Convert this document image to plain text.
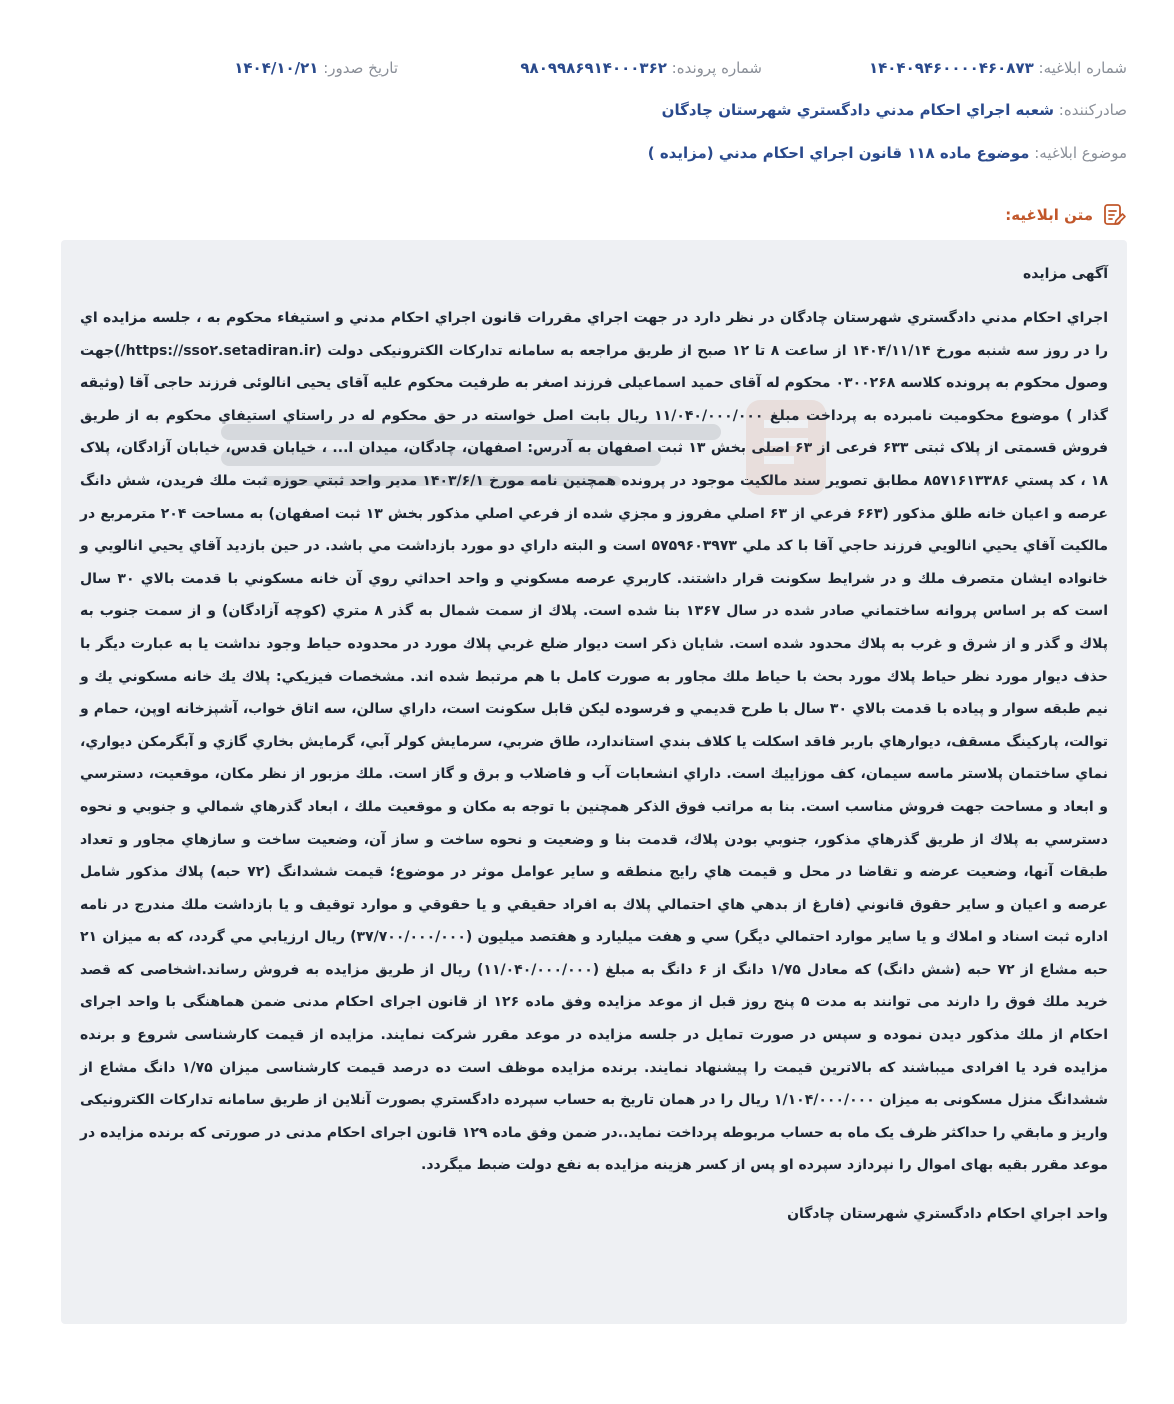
شماره ابلاغيه: ۱۴۰۴۰۹۴۶۰۰۰۰۴۶۰۸۷۳
شماره پرونده: ۹۸۰۹۹۸۶۹۱۴۰۰۰۳۶۲
تاريخ صدور: ۱۴۰۴/۱۰/۲۱
صادرکننده: شعبه اجراي احكام مدني دادگستري شهرستان چادگان
موضوع ابلاغيه: موضوع ماده ۱۱۸ قانون اجراي احكام مدني (مزايده )
متن ابلاغيه:
آگهی مزایده

اجراي احكام مدني دادگستري شهرستان چادگان در نظر دارد در جهت اجراي مقررات قانون اجراي احكام مدني و استيفاء محكوم به ، جلسه مزايده اي را در روز سه شنبه مورخ ۱۴۰۴/۱۱/۱۴ از ساعت ۸ تا ۱۲ صبح از طريق مراجعه به سامانه تدارکات الکترونیکی دولت (https://sso۲.setadiran.ir/)جهت وصول محكوم به پرونده کلاسه ۰۳۰۰۲۶۸ محكوم له آقای حمید اسماعیلی فرزند اصغر به طرفیت محكوم عليه آقای یحیی انالوئی فرزند حاجی آقا (وثيقه گذار ) موضوع محكوميت نامبرده به پرداخت مبلغ ۱۱/۰۴۰/۰۰۰/۰۰۰ ريال بابت اصل خواسته در حق محكوم له در راستاي استيفاي محكوم به از طريق فروش قسمتی از پلاک ثبتی ۶۳۳ فرعی از ۶۳ اصلی بخش ۱۳ ثبت اصفهان به آدرس: اصفهان، چادگان، میدان ا... ، خیابان قدس، خیابان آزادگان، پلاک ۱۸ ، کد پستي ۸۵۷۱۶۱۳۳۸۶ مطابق تصوير سند مالكيت موجود در پرونده همچنين نامه مورخ ۱۴۰۳/۶/۱ مدير واحد ثبتي حوزه ثبت ملك فريدن، شش دانگ عرصه و اعيان خانه طلق مذكور (۶۶۳ فرعي از ۶۳ اصلي مفروز و مجزي شده از فرعي اصلي مذكور بخش ۱۳ ثبت اصفهان) به مساحت ۲۰۴ مترمربع در مالكيت آقاي يحيي انالويي فرزند حاجي آقا با كد ملي ۵۷۵۹۶۰۳۹۷۳ است و البته داراي دو مورد بازداشت مي باشد. در حين بازديد آقاي يحيي انالويي و خانواده ايشان متصرف ملك و در شرايط سكونت قرار داشتند. كاربري عرصه مسكوني و واحد احداثي روي آن خانه مسكوني با قدمت بالاي ۳۰ سال است كه بر اساس پروانه ساختماني صادر شده در سال ۱۳۶۷ بنا شده است. پلاك از سمت شمال به گذر ۸ متري (كوچه آزادگان) و از سمت جنوب به پلاك و گذر و از شرق و غرب به پلاك محدود شده است. شايان ذكر است ديوار ضلع غربي پلاك مورد در محدوده حياط وجود نداشت يا به عبارت ديگر با حذف ديوار مورد نظر حياط پلاك مورد بحث با حياط ملك مجاور به صورت كامل با هم مرتبط شده اند. مشخصات فيزيكي: پلاك يك خانه مسكوني يك و نيم طبقه سوار و پياده با قدمت بالاي ۳۰ سال با طرح قديمي و فرسوده ليكن قابل سكونت است، داراي سالن، سه اتاق خواب، آشپزخانه اوپن، حمام و توالت، پاركينگ مسقف، ديوارهاي باربر فاقد اسكلت يا كلاف بندي استاندارد، طاق ضربي، سرمايش كولر آبي، گرمايش بخاري گازي و آبگرمكن ديواري، نماي ساختمان پلاستر ماسه سيمان، كف موزاييك است. داراي انشعابات آب و فاضلاب و برق و گاز است. ملك مزبور از نظر مكان، موقعيت، دسترسي و ابعاد و مساحت جهت فروش مناسب است. بنا به مراتب فوق الذكر همچنين با توجه به مكان و موقعيت ملك ، ابعاد گذرهاي شمالي و جنوبي و نحوه دسترسي به پلاك از طريق گذرهاي مذكور، جنوبي بودن پلاك، قدمت بنا و وضعيت و نحوه ساخت و ساز آن، وضعيت ساخت و سازهاي مجاور و تعداد طبقات آنها، وضعيت عرضه و تقاضا در محل و قيمت هاي رايج منطقه و ساير عوامل موثر در موضوع؛ قيمت ششدانگ (۷۲ حبه) پلاك مذكور شامل عرصه و اعيان و ساير حقوق قانوني (فارغ از بدهي هاي احتمالي پلاك به افراد حقيقي و يا حقوقي و موارد توقيف و يا بازداشت ملك مندرج در نامه اداره ثبت اسناد و املاك و يا ساير موارد احتمالي ديگر) سي و هفت ميليارد و هفتصد ميليون (۳۷/۷۰۰/۰۰۰/۰۰۰) ريال ارزيابي مي گردد، كه به ميزان ۲۱ حبه مشاع از ۷۲ حبه (شش دانگ) كه معادل ۱/۷۵ دانگ از ۶ دانگ به مبلغ (۱۱/۰۴۰/۰۰۰/۰۰۰) ريال از طريق مزايده به فروش رساند.اشخاصی كه قصد خريد ملك فوق را دارند می توانند به مدت ۵ پنج روز قبل از موعد مزايده وفق ماده ۱۲۶ از قانون اجرای احكام مدنی ضمن هماهنگی با واحد اجرای احكام از ملك مذكور ديدن نموده و سپس در صورت تمايل در جلسه مزايده در موعد مقرر شركت نمايند. مزايده از قيمت كارشناسی شروع و برنده مزايده فرد يا افرادی ميباشند كه بالاترين قيمت را پيشنهاد نمايند. برنده مزايده موظف است ده درصد قیمت کارشناسی میزان ۱/۷۵ دانگ مشاع از ششدانگ منزل مسکونی به ميزان ۱/۱۰۴/۰۰۰/۰۰۰ ريال را در همان تاريخ به حساب سپرده دادگستري بصورت آنلاين از طريق سامانه تدارکات الکترونیکی واريز و مابقي را حداكثر ظرف يک ماه به حساب مربوطه پرداخت نمايد..در ضمن وفق ماده ۱۲۹ قانون اجرای احكام مدنی در صورتی كه برنده مزايده در موعد مقرر بقيه بهای اموال را نپردازد سپرده او پس از كسر هزينه مزايده به نفع دولت ضبط ميگردد.

واحد اجراي احكام دادگستري شهرستان چادگان
